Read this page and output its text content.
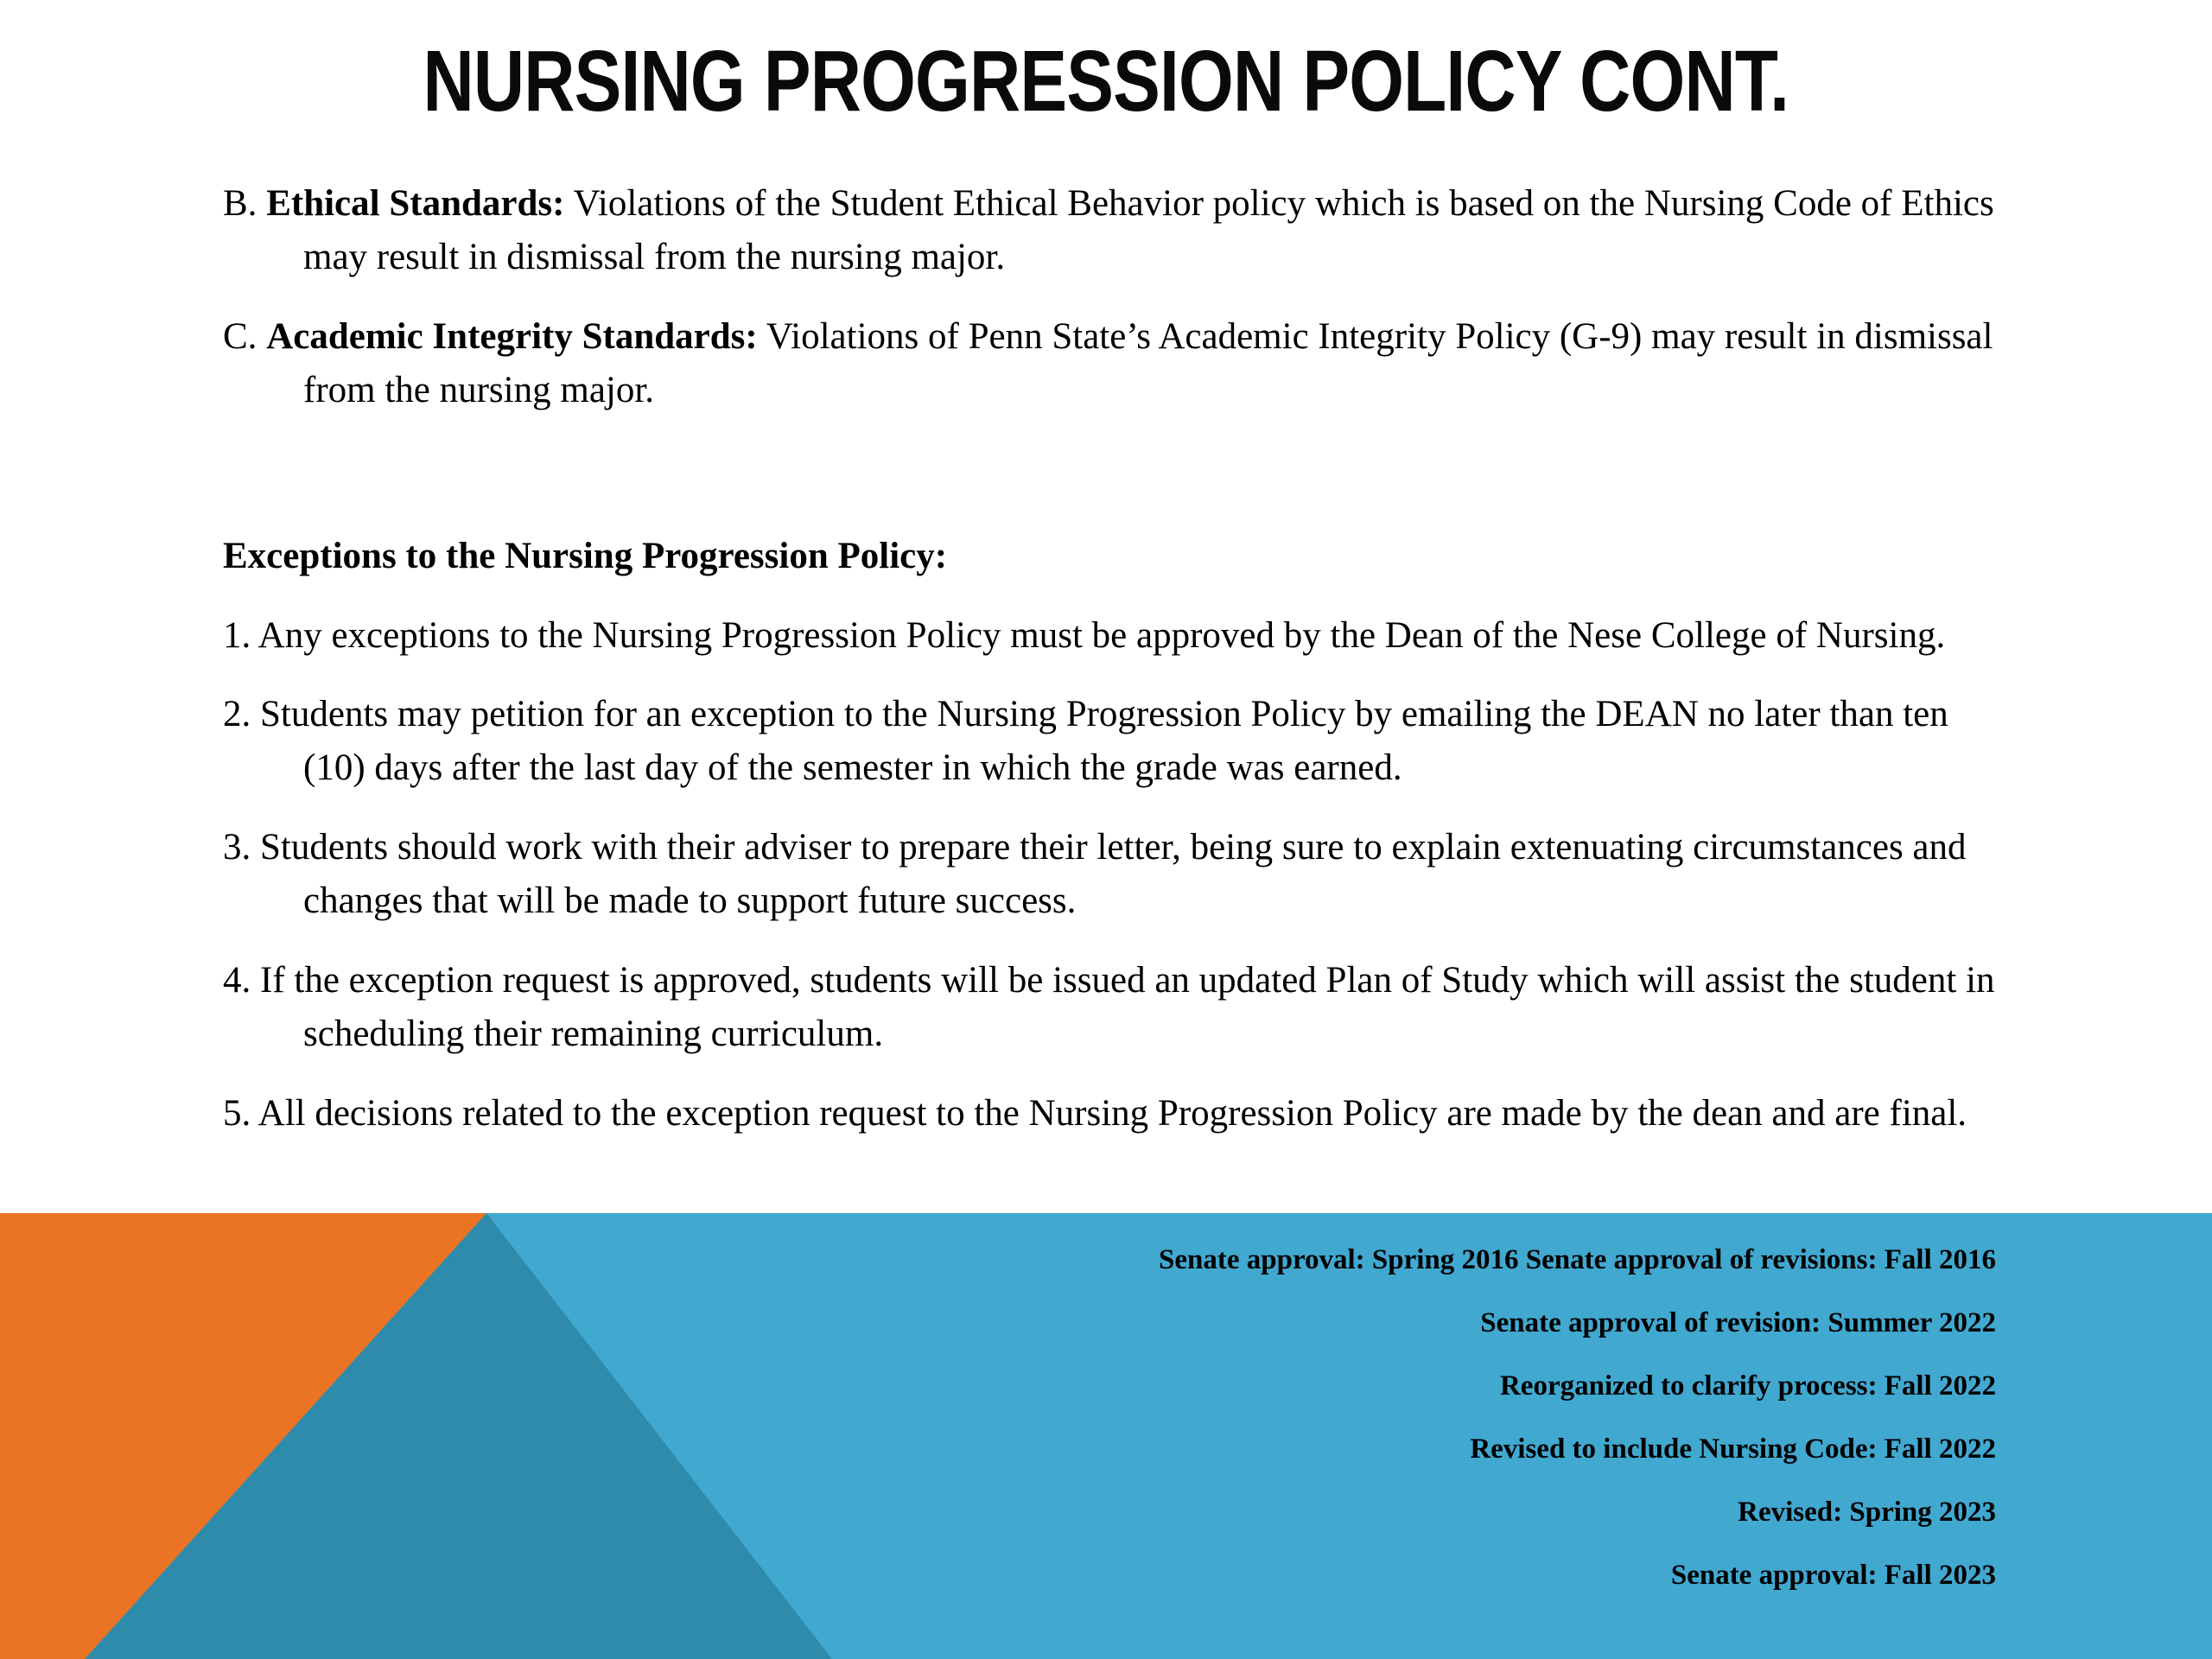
NURSING PROGRESSION POLICY CONT.

B. Ethical Standards: Violations of the Student Ethical Behavior policy which is based on the Nursing Code of Ethics may result in dismissal from the nursing major.

C. Academic Integrity Standards: Violations of Penn State’s Academic Integrity Policy (G-9) may result in dismissal from the nursing major.

Exceptions to the Nursing Progression Policy:

1. Any exceptions to the Nursing Progression Policy must be approved by the Dean of the Nese College of Nursing.

2. Students may petition for an exception to the Nursing Progression Policy by emailing the DEAN no later than ten (10) days after the last day of the semester in which the grade was earned.

3. Students should work with their adviser to prepare their letter, being sure to explain extenuating circumstances and changes that will be made to support future success.

4. If the exception request is approved, students will be issued an updated Plan of Study which will assist the student in scheduling their remaining curriculum.

5. All decisions related to the exception request to the Nursing Progression Policy are made by the dean and are final.

Senate approval: Spring 2016 Senate approval of revisions: Fall 2016
Senate approval of revision: Summer 2022
Reorganized to clarify process: Fall 2022
Revised to include Nursing Code: Fall 2022
Revised: Spring 2023
Senate approval: Fall 2023
